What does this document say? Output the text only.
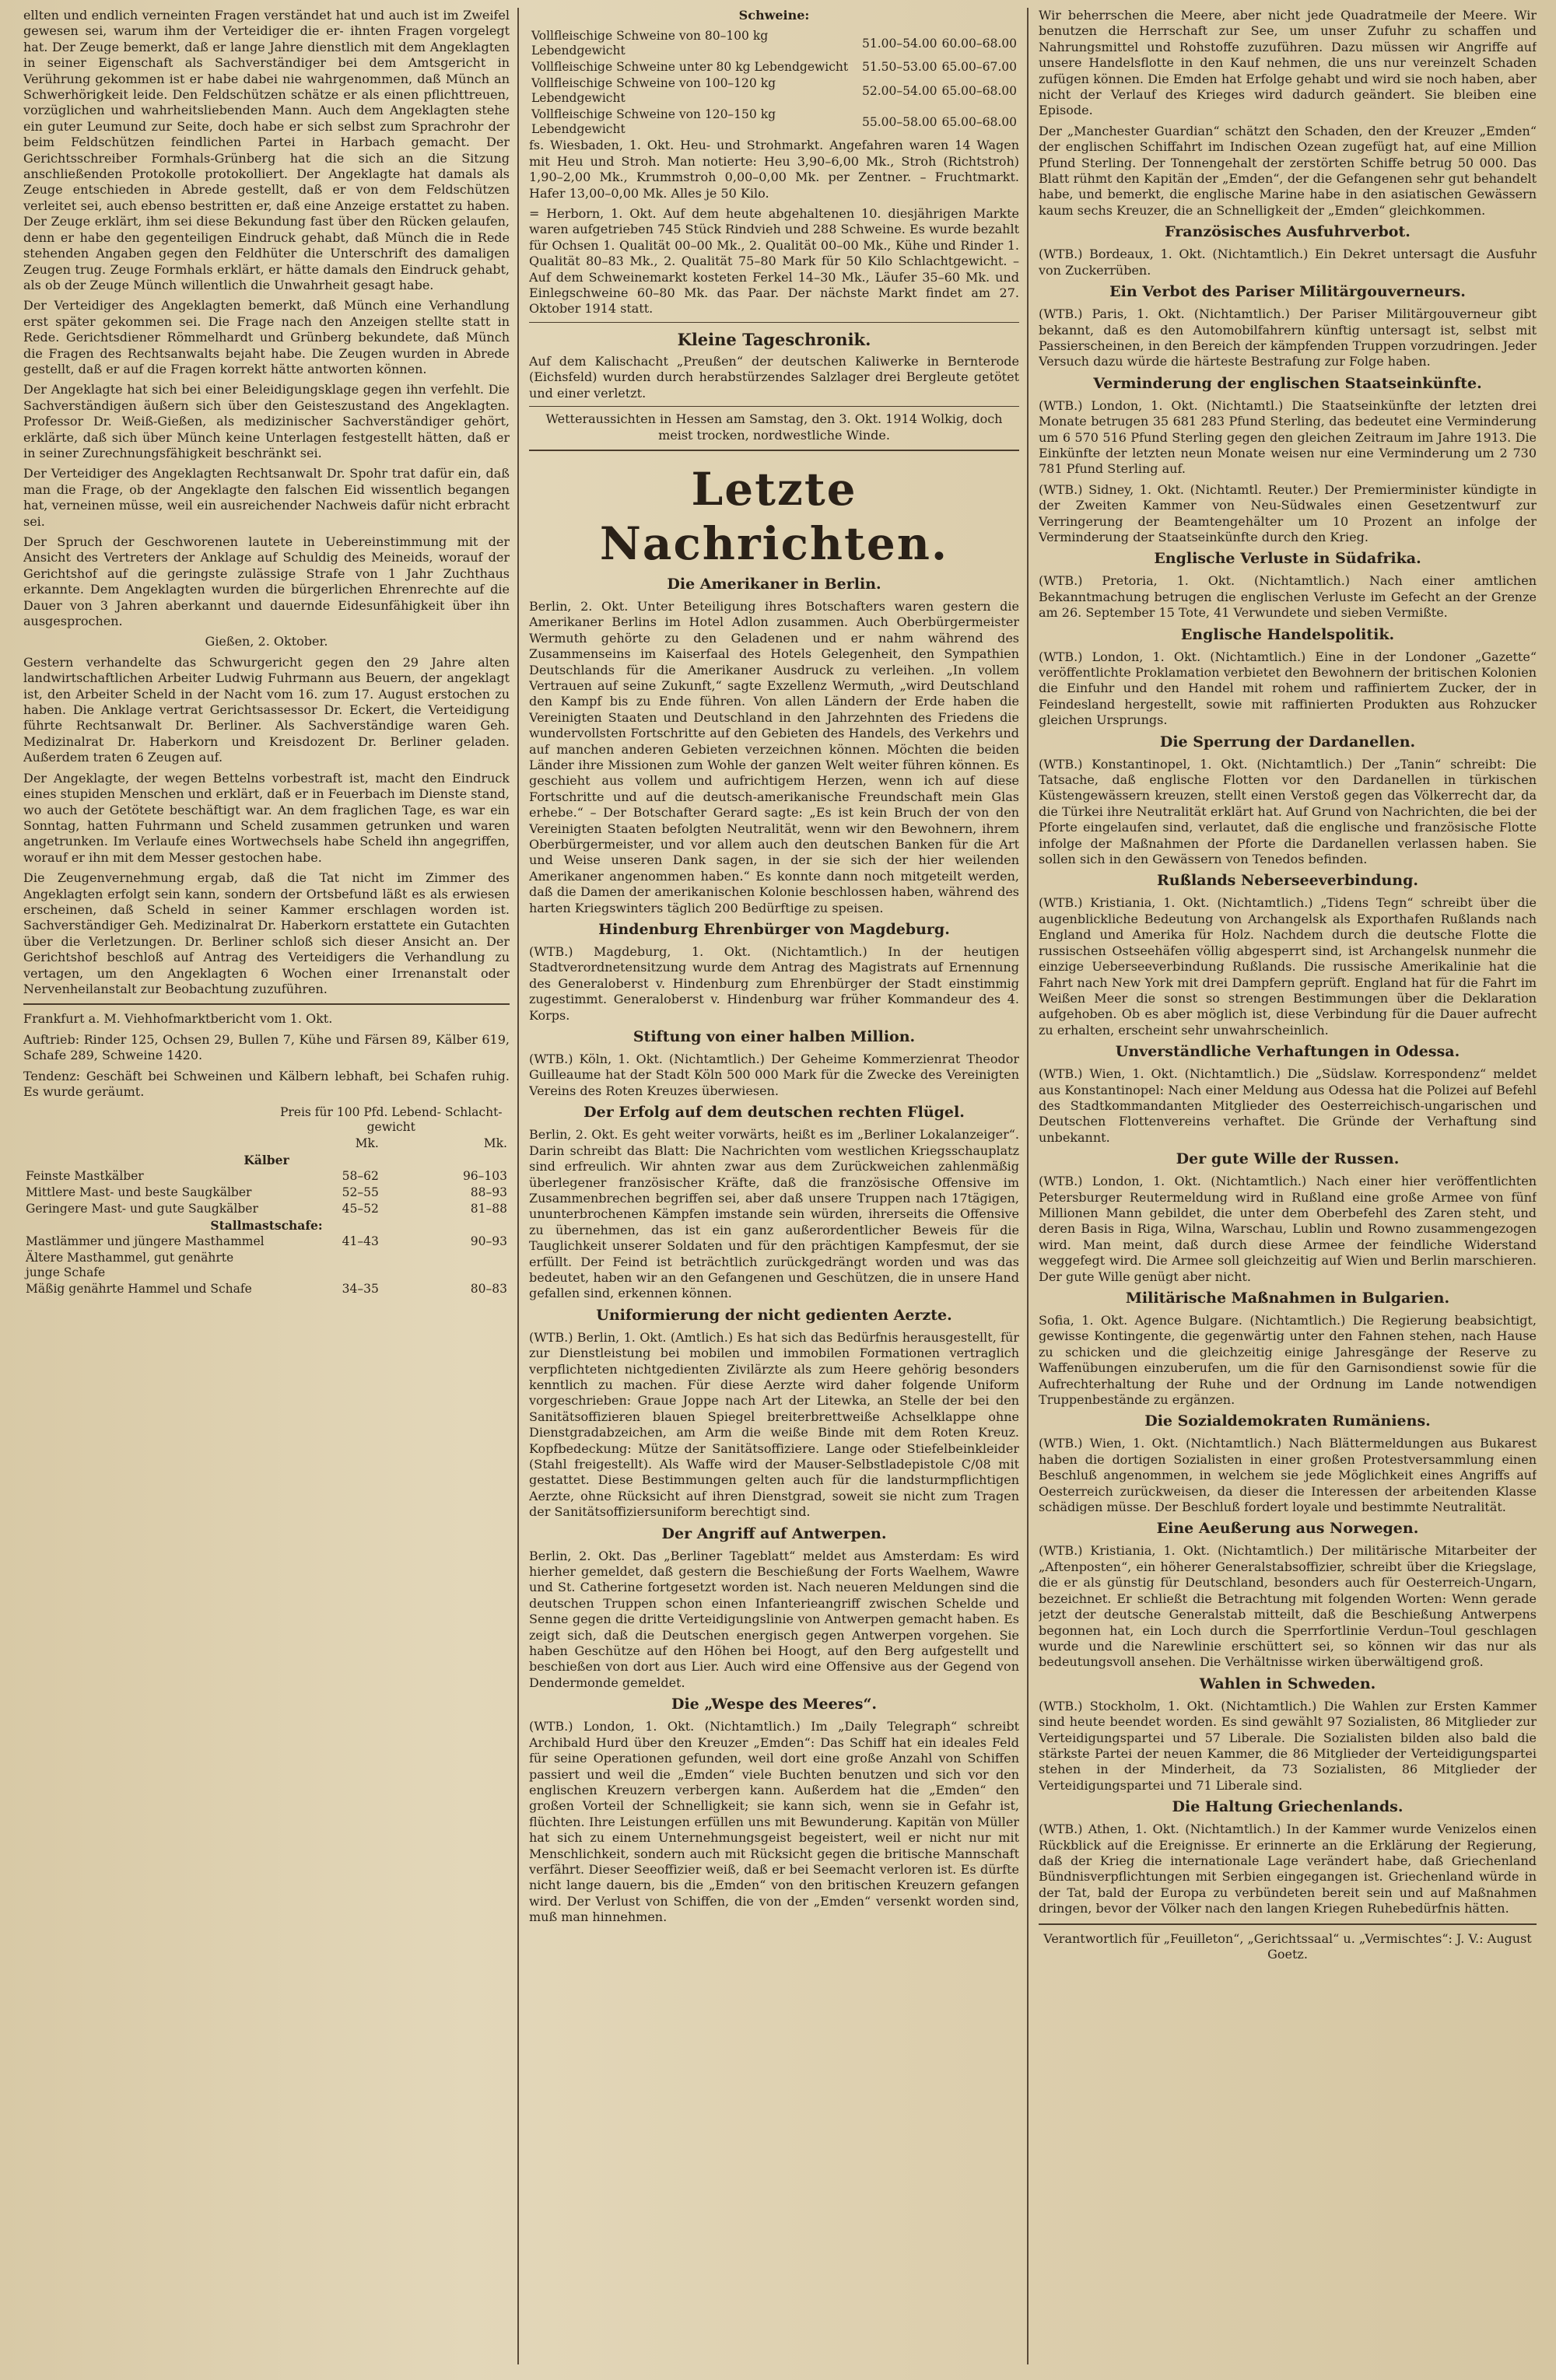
ellten und endlich verneinten Fragen verständet hat und auch ist im Zweifel gewesen sei, warum ihm der Verteidiger die er- ihnten Fragen vorgelegt hat. Der Zeuge bemerkt, daß er lange Jahre dienstlich mit dem Angeklagten in seiner Eigenschaft als Sachverständiger bei dem Amtsgericht in Verührung gekommen ist er habe dabei nie wahrgenommen, daß Münch an Schwerhörigkeit leide. Den Feldschützen schätze er als einen pflichttreuen, vorzüglichen und wahrheitsliebenden Mann. Auch dem Angeklagten stehe ein guter Leumund zur Seite, doch habe er sich selbst zum Sprachrohr der beim Feldschützen feindlichen Partei in Harbach gemacht. Der Gerichtsschreiber Formhals-Grünberg hat die sich an die Sitzung anschließenden Protokolle protokolliert. Der Angeklagte hat damals als Zeuge entschieden in Abrede gestellt, daß er von dem Feldschützen verleitet sei, auch ebenso bestritten er, daß eine Anzeige erstattet zu haben. Der Zeuge erklärt, ihm sei diese Bekundung fast über den Rücken gelaufen, denn er habe den gegenteiligen Eindruck gehabt, daß Münch die in Rede stehenden Angaben gegen den Feldhüter die Unterschrift des damaligen Zeugen trug. Zeuge Formhals erklärt, er hätte damals den Eindruck gehabt, als ob der Zeuge Münch willentlich die Unwahrheit gesagt habe.

Der Verteidiger des Angeklagten bemerkt, daß Münch eine Verhandlung erst später gekommen sei. Die Frage nach den Anzeigen stellte statt in Rede. Gerichtsdiener Römmelhardt und Grünberg bekundete, daß Münch die Fragen des Rechtsanwalts bejaht habe. Die Zeugen wurden in Abrede gestellt, daß er auf die Fragen korrekt hätte antworten können.

Der Angeklagte hat sich bei einer Beleidigungsklage gegen ihn verfehlt. Die Sachverständigen äußern sich über den Geisteszustand des Angeklagten. Professor Dr. Weiß-Gießen, als medizinischer Sachverständiger gehört, erklärte, daß sich über Münch keine Unterlagen festgestellt hätten, daß er in seiner Zurechnungsfähigkeit beschränkt sei.

Der Verteidiger des Angeklagten Rechtsanwalt Dr. Spohr trat dafür ein, daß man die Frage, ob der Angeklagte den falschen Eid wissentlich begangen hat, verneinen müsse, weil ein ausreichender Nachweis dafür nicht erbracht sei.

Der Spruch der Geschworenen lautete in Uebereinstimmung mit der Ansicht des Vertreters der Anklage auf Schuldig des Meineids, worauf der Gerichtshof auf die geringste zulässige Strafe von 1 Jahr Zuchthaus erkannte. Dem Angeklagten wurden die bürgerlichen Ehrenrechte auf die Dauer von 3 Jahren aberkannt und dauernde Eidesunfähigkeit über ihn ausgesprochen.

Gießen, 2. Oktober.

Gestern verhandelte das Schwurgericht gegen den 29 Jahre alten landwirtschaftlichen Arbeiter Ludwig Fuhrmann aus Beuern, der angeklagt ist, den Arbeiter Scheld in der Nacht vom 16. zum 17. August erstochen zu haben. Die Anklage vertrat Gerichtsassessor Dr. Eckert, die Verteidigung führte Rechtsanwalt Dr. Berliner. Als Sachverständige waren Geh. Medizinalrat Dr. Haberkorn und Kreisdozent Dr. Berliner geladen. Außerdem traten 6 Zeugen auf.

Der Angeklagte, der wegen Bettelns vorbestraft ist, macht den Eindruck eines stupiden Menschen und erklärt, daß er in Feuerbach im Dienste stand, wo auch der Getötete beschäftigt war. An dem fraglichen Tage, es war ein Sonntag, hatten Fuhrmann und Scheld zusammen getrunken und waren angetrunken. Im Verlaufe eines Wortwechsels habe Scheld ihn angegriffen, worauf er ihn mit dem Messer gestochen habe.

Die Zeugenvernehmung ergab, daß die Tat nicht im Zimmer des Angeklagten erfolgt sein kann, sondern der Ortsbefund läßt es als erwiesen erscheinen, daß Scheld in seiner Kammer erschlagen worden ist. Sachverständiger Geh. Medizinalrat Dr. Haberkorn erstattete ein Gutachten über die Verletzungen. Dr. Berliner schloß sich dieser Ansicht an. Der Gerichtshof beschloß auf Antrag des Verteidigers die Verhandlung zu vertagen, um den Angeklagten 6 Wochen einer Irrenanstalt oder Nervenheilanstalt zur Beobachtung zuzuführen.

Frankfurt a. M. Viehhofmarktbericht vom 1. Okt.

Auftrieb: Rinder 125, Ochsen 29, Bullen 7, Kühe und Färsen 89, Kälber 619, Schafe 289, Schweine 1420.

Tendenz: Geschäft bei Schweinen und Kälbern lebhaft, bei Schafen ruhig. Es wurde geräumt.

	Preis für 100 Pfd. Lebend- Schlacht- gewicht	
	Mk.	Mk.
Kälber		
Feinste Mastkälber	58–62	96–103
Mittlere Mast- und beste Saugkälber	52–55	88–93
Geringere Mast- und gute Saugkälber	45–52	81–88
Stallmastschafe:		
Mastlämmer und jüngere Masthammel	41–43	90–93
Ältere Masthammel, gut genährte junge Schafe		
Mäßig genährte Hammel und Schafe	34–35	80–83

Schweine:

Vollfleischige Schweine von 80–100 kg Lebendgewicht	51.00–54.00	60.00–68.00
Vollfleischige Schweine unter 80 kg Lebendgewicht	51.50–53.00	65.00–67.00
Vollfleischige Schweine von 100–120 kg Lebendgewicht	52.00–54.00	65.00–68.00
Vollfleischige Schweine von 120–150 kg Lebendgewicht	55.00–58.00	65.00–68.00

fs. Wiesbaden, 1. Okt. Heu- und Strohmarkt. Angefahren waren 14 Wagen mit Heu und Stroh. Man notierte: Heu 3,90–6,00 Mk., Stroh (Richtstroh) 1,90–2,00 Mk., Krummstroh 0,00–0,00 Mk. per Zentner. – Fruchtmarkt. Hafer 13,00–0,00 Mk. Alles je 50 Kilo.

= Herborn, 1. Okt. Auf dem heute abgehaltenen 10. diesjährigen Markte waren aufgetrieben 745 Stück Rindvieh und 288 Schweine. Es wurde bezahlt für Ochsen 1. Qualität 00–00 Mk., 2. Qualität 00–00 Mk., Kühe und Rinder 1. Qualität 80–83 Mk., 2. Qualität 75–80 Mark für 50 Kilo Schlachtgewicht. – Auf dem Schweinemarkt kosteten Ferkel 14–30 Mk., Läufer 35–60 Mk. und Einlegschweine 60–80 Mk. das Paar. Der nächste Markt findet am 27. Oktober 1914 statt.

Kleine Tageschronik.

Auf dem Kalischacht „Preußen“ der deutschen Kaliwerke in Bernterode (Eichsfeld) wurden durch herabstürzendes Salzlager drei Bergleute getötet und einer verletzt.

Wetteraussichten in Hessen am Samstag, den 3. Okt. 1914 Wolkig, doch meist trocken, nordwestliche Winde.

Letzte Nachrichten.
Die Amerikaner in Berlin.

Berlin, 2. Okt. Unter Beteiligung ihres Botschafters waren gestern die Amerikaner Berlins im Hotel Adlon zusammen. Auch Oberbürgermeister Wermuth gehörte zu den Geladenen und er nahm während des Zusammenseins im Kaiserfaal des Hotels Gelegenheit, den Sympathien Deutschlands für die Amerikaner Ausdruck zu verleihen. „In vollem Vertrauen auf seine Zukunft,“ sagte Exzellenz Wermuth, „wird Deutschland den Kampf bis zu Ende führen. Von allen Ländern der Erde haben die Vereinigten Staaten und Deutschland in den Jahrzehnten des Friedens die wundervollsten Fortschritte auf den Gebieten des Handels, des Verkehrs und auf manchen anderen Gebieten verzeichnen können. Möchten die beiden Länder ihre Missionen zum Wohle der ganzen Welt weiter führen können. Es geschieht aus vollem und aufrichtigem Herzen, wenn ich auf diese Fortschritte und auf die deutsch-amerikanische Freundschaft mein Glas erhebe.“ – Der Botschafter Gerard sagte: „Es ist kein Bruch der von den Vereinigten Staaten befolgten Neutralität, wenn wir den Bewohnern, ihrem Oberbürgermeister, und vor allem auch den deutschen Banken für die Art und Weise unseren Dank sagen, in der sie sich der hier weilenden Amerikaner angenommen haben.“ Es konnte dann noch mitgeteilt werden, daß die Damen der amerikanischen Kolonie beschlossen haben, während des harten Kriegswinters täglich 200 Bedürftige zu speisen.

Hindenburg Ehrenbürger von Magdeburg.

(WTB.) Magdeburg, 1. Okt. (Nichtamtlich.) In der heutigen Stadtverordnetensitzung wurde dem Antrag des Magistrats auf Ernennung des Generaloberst v. Hindenburg zum Ehrenbürger der Stadt einstimmig zugestimmt. Generaloberst v. Hindenburg war früher Kommandeur des 4. Korps.

Stiftung von einer halben Million.

(WTB.) Köln, 1. Okt. (Nichtamtlich.) Der Geheime Kommerzienrat Theodor Guilleaume hat der Stadt Köln 500 000 Mark für die Zwecke des Vereinigten Vereins des Roten Kreuzes überwiesen.

Der Erfolg auf dem deutschen rechten Flügel.

Berlin, 2. Okt. Es geht weiter vorwärts, heißt es im „Berliner Lokalanzeiger“. Darin schreibt das Blatt: Die Nachrichten vom westlichen Kriegsschauplatz sind erfreulich. Wir ahnten zwar aus dem Zurückweichen zahlenmäßig überlegener französischer Kräfte, daß die französische Offensive im Zusammenbrechen begriffen sei, aber daß unsere Truppen nach 17tägigen, ununterbrochenen Kämpfen imstande sein würden, ihrerseits die Offensive zu übernehmen, das ist ein ganz außerordentlicher Beweis für die Tauglichkeit unserer Soldaten und für den prächtigen Kampfesmut, der sie erfüllt. Der Feind ist beträchtlich zurückgedrängt worden und was das bedeutet, haben wir an den Gefangenen und Geschützen, die in unsere Hand gefallen sind, erkennen können.

Uniformierung der nicht gedienten Aerzte.

(WTB.) Berlin, 1. Okt. (Amtlich.) Es hat sich das Bedürfnis herausgestellt, für zur Dienstleistung bei mobilen und immobilen Formationen vertraglich verpflichteten nichtgedienten Zivilärzte als zum Heere gehörig besonders kenntlich zu machen. Für diese Aerzte wird daher folgende Uniform vorgeschrieben: Graue Joppe nach Art der Litewka, an Stelle der bei den Sanitätsoffizieren blauen Spiegel breiterbrettweiße Achselklappe ohne Dienstgradabzeichen, am Arm die weiße Binde mit dem Roten Kreuz. Kopfbedeckung: Mütze der Sanitätsoffiziere. Lange oder Stiefelbeinkleider (Stahl freigestellt). Als Waffe wird der Mauser-Selbstladepistole C/08 mit gestattet. Diese Bestimmungen gelten auch für die landsturmpflichtigen Aerzte, ohne Rücksicht auf ihren Dienstgrad, soweit sie nicht zum Tragen der Sanitätsoffiziersuniform berechtigt sind.

Der Angriff auf Antwerpen.

Berlin, 2. Okt. Das „Berliner Tageblatt“ meldet aus Amsterdam: Es wird hierher gemeldet, daß gestern die Beschießung der Forts Waelhem, Wawre und St. Catherine fortgesetzt worden ist. Nach neueren Meldungen sind die deutschen Truppen schon einen Infanterieangriff zwischen Schelde und Senne gegen die dritte Verteidigungslinie von Antwerpen gemacht haben. Es zeigt sich, daß die Deutschen energisch gegen Antwerpen vorgehen. Sie haben Geschütze auf den Höhen bei Hoogt, auf den Berg aufgestellt und beschießen von dort aus Lier. Auch wird eine Offensive aus der Gegend von Dendermonde gemeldet.

Die „Wespe des Meeres“.

(WTB.) London, 1. Okt. (Nichtamtlich.) Im „Daily Telegraph“ schreibt Archibald Hurd über den Kreuzer „Emden“: Das Schiff hat ein ideales Feld für seine Operationen gefunden, weil dort eine große Anzahl von Schiffen passiert und weil die „Emden“ viele Buchten benutzen und sich vor den englischen Kreuzern verbergen kann. Außerdem hat die „Emden“ den großen Vorteil der Schnelligkeit; sie kann sich, wenn sie in Gefahr ist, flüchten. Ihre Leistungen erfüllen uns mit Bewunderung. Kapitän von Müller hat sich zu einem Unternehmungsgeist begeistert, weil er nicht nur mit Menschlichkeit, sondern auch mit Rücksicht gegen die britische Mannschaft verfährt. Dieser Seeoffizier weiß, daß er bei Seemacht verloren ist. Es dürfte nicht lange dauern, bis die „Emden“ von den britischen Kreuzern gefangen wird. Der Verlust von Schiffen, die von der „Emden“ versenkt worden sind, muß man hinnehmen.

Wir beherrschen die Meere, aber nicht jede Quadratmeile der Meere. Wir benutzen die Herrschaft zur See, um unser Zufuhr zu schaffen und Nahrungsmittel und Rohstoffe zuzuführen. Dazu müssen wir Angriffe auf unsere Handelsflotte in den Kauf nehmen, die uns nur vereinzelt Schaden zufügen können. Die Emden hat Erfolge gehabt und wird sie noch haben, aber nicht der Verlauf des Krieges wird dadurch geändert. Sie bleiben eine Episode.

Der „Manchester Guardian“ schätzt den Schaden, den der Kreuzer „Emden“ der englischen Schiffahrt im Indischen Ozean zugefügt hat, auf eine Million Pfund Sterling. Der Tonnengehalt der zerstörten Schiffe betrug 50 000. Das Blatt rühmt den Kapitän der „Emden“, der die Gefangenen sehr gut behandelt habe, und bemerkt, die englische Marine habe in den asiatischen Gewässern kaum sechs Kreuzer, die an Schnelligkeit der „Emden“ gleichkommen.

Französisches Ausfuhrverbot.

(WTB.) Bordeaux, 1. Okt. (Nichtamtlich.) Ein Dekret untersagt die Ausfuhr von Zuckerrüben.

Ein Verbot des Pariser Militärgouverneurs.

(WTB.) Paris, 1. Okt. (Nichtamtlich.) Der Pariser Militärgouverneur gibt bekannt, daß es den Automobilfahrern künftig untersagt ist, selbst mit Passierscheinen, in den Bereich der kämpfenden Truppen vorzudringen. Jeder Versuch dazu würde die härteste Bestrafung zur Folge haben.

Verminderung der englischen Staatseinkünfte.

(WTB.) London, 1. Okt. (Nichtamtl.) Die Staatseinkünfte der letzten drei Monate betrugen 35 681 283 Pfund Sterling, das bedeutet eine Verminderung um 6 570 516 Pfund Sterling gegen den gleichen Zeitraum im Jahre 1913. Die Einkünfte der letzten neun Monate weisen nur eine Verminderung um 2 730 781 Pfund Sterling auf.

(WTB.) Sidney, 1. Okt. (Nichtamtl. Reuter.) Der Premierminister kündigte in der Zweiten Kammer von Neu-Südwales einen Gesetzentwurf zur Verringerung der Beamtengehälter um 10 Prozent an infolge der Verminderung der Staatseinkünfte durch den Krieg.

Englische Verluste in Südafrika.

(WTB.) Pretoria, 1. Okt. (Nichtamtlich.) Nach einer amtlichen Bekanntmachung betrugen die englischen Verluste im Gefecht an der Grenze am 26. September 15 Tote, 41 Verwundete und sieben Vermißte.

Englische Handelspolitik.

(WTB.) London, 1. Okt. (Nichtamtlich.) Eine in der Londoner „Gazette“ veröffentlichte Proklamation verbietet den Bewohnern der britischen Kolonien die Einfuhr und den Handel mit rohem und raffiniertem Zucker, der in Feindesland hergestellt, sowie mit raffinierten Produkten aus Rohzucker gleichen Ursprungs.

Die Sperrung der Dardanellen.

(WTB.) Konstantinopel, 1. Okt. (Nichtamtlich.) Der „Tanin“ schreibt: Die Tatsache, daß englische Flotten vor den Dardanellen in türkischen Küstengewässern kreuzen, stellt einen Verstoß gegen das Völkerrecht dar, da die Türkei ihre Neutralität erklärt hat. Auf Grund von Nachrichten, die bei der Pforte eingelaufen sind, verlautet, daß die englische und französische Flotte infolge der Maßnahmen der Pforte die Dardanellen verlassen haben. Sie sollen sich in den Gewässern von Tenedos befinden.

Rußlands Neberseeverbindung.

(WTB.) Kristiania, 1. Okt. (Nichtamtlich.) „Tidens Tegn“ schreibt über die augenblickliche Bedeutung von Archangelsk als Exporthafen Rußlands nach England und Amerika für Holz. Nachdem durch die deutsche Flotte die russischen Ostseehäfen völlig abgesperrt sind, ist Archangelsk nunmehr die einzige Ueberseeverbindung Rußlands. Die russische Amerikalinie hat die Fahrt nach New York mit drei Dampfern geprüft. England hat für die Fahrt im Weißen Meer die sonst so strengen Bestimmungen über die Deklaration aufgehoben. Ob es aber möglich ist, diese Verbindung für die Dauer aufrecht zu erhalten, erscheint sehr unwahrscheinlich.

Unverständliche Verhaftungen in Odessa.

(WTB.) Wien, 1. Okt. (Nichtamtlich.) Die „Südslaw. Korrespondenz“ meldet aus Konstantinopel: Nach einer Meldung aus Odessa hat die Polizei auf Befehl des Stadtkommandanten Mitglieder des Oesterreichisch-ungarischen und Deutschen Flottenvereins verhaftet. Die Gründe der Verhaftung sind unbekannt.

Der gute Wille der Russen.

(WTB.) London, 1. Okt. (Nichtamtlich.) Nach einer hier veröffentlichten Petersburger Reutermeldung wird in Rußland eine große Armee von fünf Millionen Mann gebildet, die unter dem Oberbefehl des Zaren steht, und deren Basis in Riga, Wilna, Warschau, Lublin und Rowno zusammengezogen wird. Man meint, daß durch diese Armee der feindliche Widerstand weggefegt wird. Die Armee soll gleichzeitig auf Wien und Berlin marschieren. Der gute Wille genügt aber nicht.

Militärische Maßnahmen in Bulgarien.

Sofia, 1. Okt. Agence Bulgare. (Nichtamtlich.) Die Regierung beabsichtigt, gewisse Kontingente, die gegenwärtig unter den Fahnen stehen, nach Hause zu schicken und die gleichzeitig einige Jahresgänge der Reserve zu Waffenübungen einzuberufen, um die für den Garnisondienst sowie für die Aufrechterhaltung der Ruhe und der Ordnung im Lande notwendigen Truppenbestände zu ergänzen.

Die Sozialdemokraten Rumäniens.

(WTB.) Wien, 1. Okt. (Nichtamtlich.) Nach Blättermeldungen aus Bukarest haben die dortigen Sozialisten in einer großen Protestversammlung einen Beschluß angenommen, in welchem sie jede Möglichkeit eines Angriffs auf Oesterreich zurückweisen, da dieser die Interessen der arbeitenden Klasse schädigen müsse. Der Beschluß fordert loyale und bestimmte Neutralität.

Eine Aeußerung aus Norwegen.

(WTB.) Kristiania, 1. Okt. (Nichtamtlich.) Der militärische Mitarbeiter der „Aftenposten“, ein höherer Generalstabsoffizier, schreibt über die Kriegslage, die er als günstig für Deutschland, besonders auch für Oesterreich-Ungarn, bezeichnet. Er schließt die Betrachtung mit folgenden Worten: Wenn gerade jetzt der deutsche Generalstab mitteilt, daß die Beschießung Antwerpens begonnen hat, ein Loch durch die Sperrfortlinie Verdun–Toul geschlagen wurde und die Narewlinie erschüttert sei, so können wir das nur als bedeutungsvoll ansehen. Die Verhältnisse wirken überwältigend groß.

Wahlen in Schweden.

(WTB.) Stockholm, 1. Okt. (Nichtamtlich.) Die Wahlen zur Ersten Kammer sind heute beendet worden. Es sind gewählt 97 Sozialisten, 86 Mitglieder zur Verteidigungspartei und 57 Liberale. Die Sozialisten bilden also bald die stärkste Partei der neuen Kammer, die 86 Mitglieder der Verteidigungspartei stehen in der Minderheit, da 73 Sozialisten, 86 Mitglieder der Verteidigungspartei und 71 Liberale sind.

Die Haltung Griechenlands.

(WTB.) Athen, 1. Okt. (Nichtamtlich.) In der Kammer wurde Venizelos einen Rückblick auf die Ereignisse. Er erinnerte an die Erklärung der Regierung, daß der Krieg die internationale Lage verändert habe, daß Griechenland Bündnisverpflichtungen mit Serbien eingegangen ist. Griechenland würde in der Tat, bald der Europa zu verbündeten bereit sein und auf Maßnahmen dringen, bevor der Völker nach den langen Kriegen Ruhebedürfnis hätten.

Verantwortlich für „Feuilleton“, „Gerichtssaal“ u. „Vermischtes“: J. V.: August Goetz.
